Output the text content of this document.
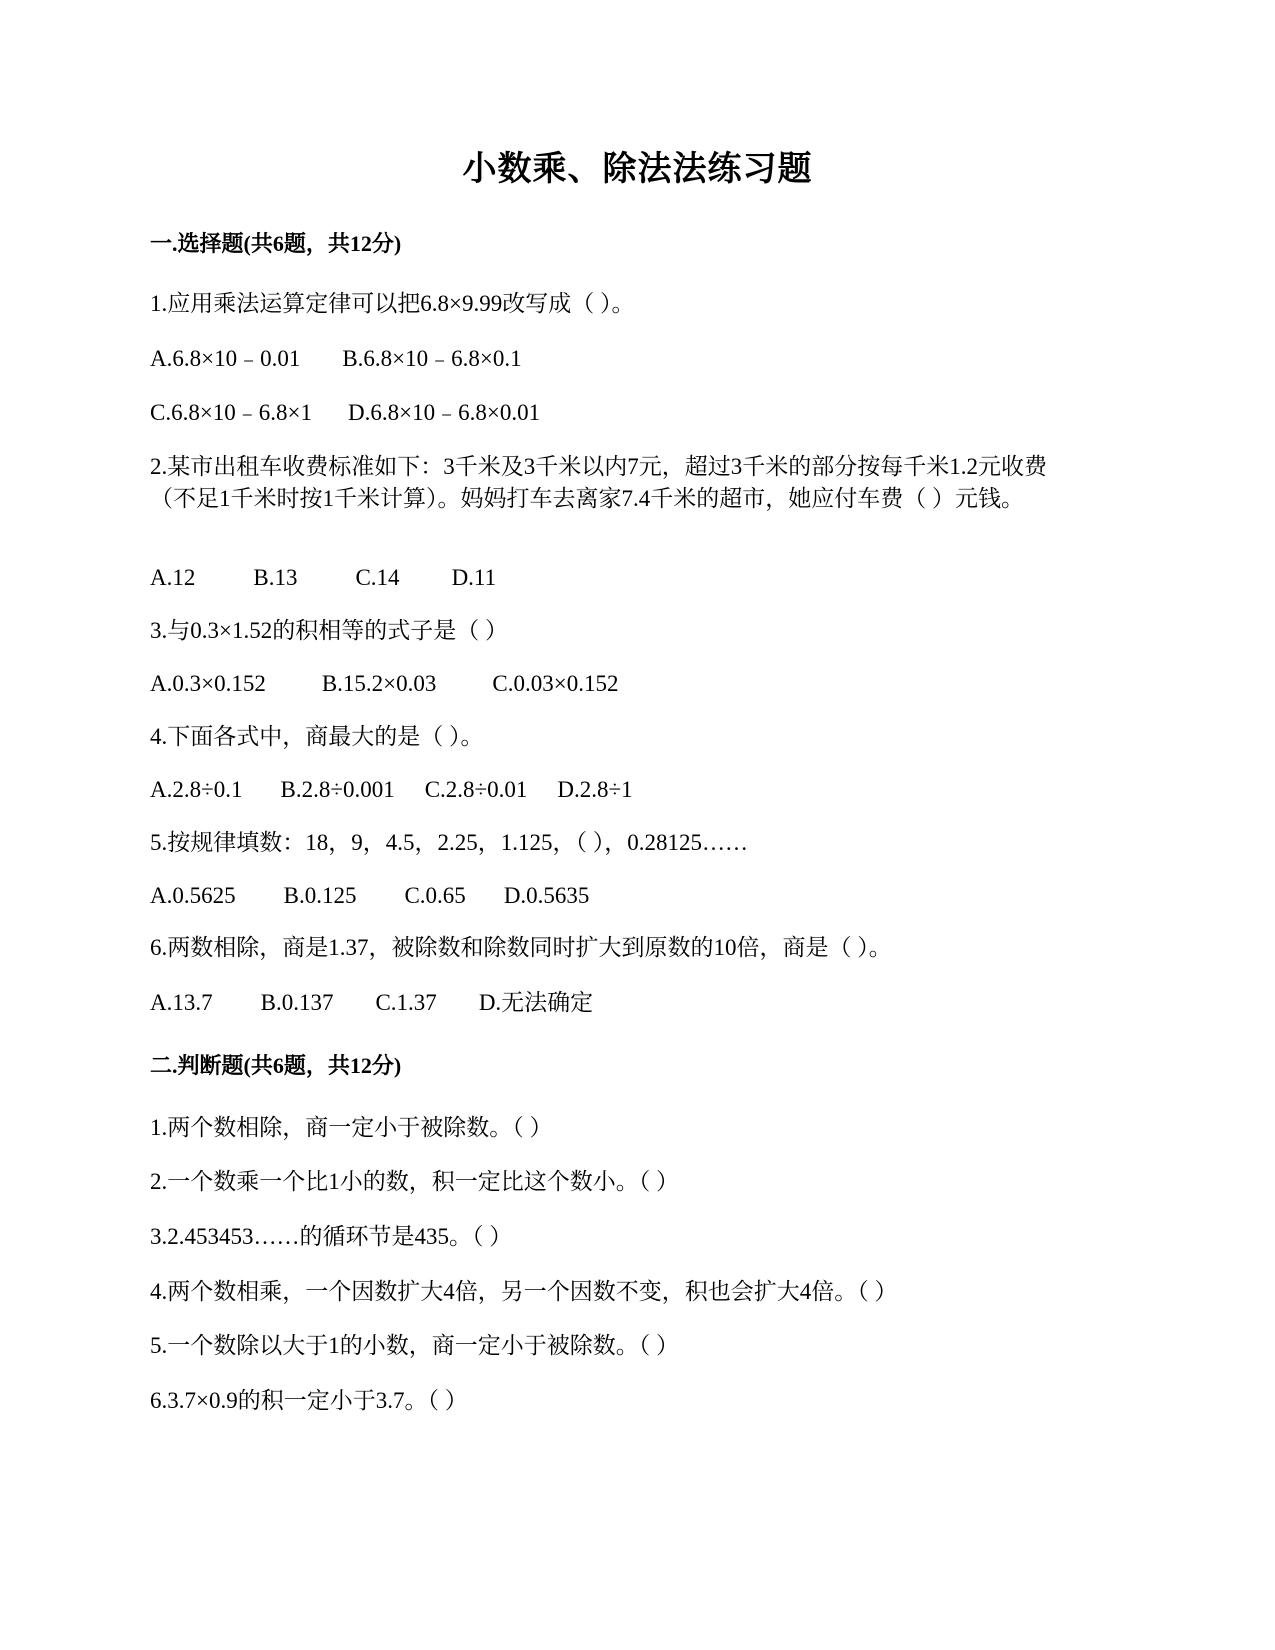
小数乘、除法法练习题
一.选择题(共6题，共12分)
1.应用乘法运算定律可以把6.8×9.99改写成（ ）。
A.6.8×10﹣0.01 B.6.8×10﹣6.8×0.1
C.6.8×10﹣6.8×1 D.6.8×10﹣6.8×0.01
2.某市出租车收费标准如下：3千米及3千米以内7元，超过3千米的部分按每千米1.2元收费
（不足1千米时按1千米计算）。妈妈打车去离家7.4千米的超市，她应付车费（ ）元钱。
A.12	B.13	C.14 D.11
3.与0.3×1.52的积相等的式子是（ ）
A.0.3×0.152 B.15.2×0.03 C.0.03×0.152
4.下面各式中，商最大的是（ ）。
A.2.8÷0.1 B.2.8÷0.001 C.2.8÷0.01 D.2.8÷1
5.按规律填数：18，9，4.5，2.25，1.125，（ ），0.28125……
A.0.5625 B.0.125 C.0.65 D.0.5635
6.两数相除，商是1.37，被除数和除数同时扩大到原数的10倍，商是（ ）。
A.13.7 B.0.137 C.1.37 D.无法确定
二.判断题(共6题，共12分)
1.两个数相除，商一定小于被除数。（ ）
2.一个数乘一个比1小的数，积一定比这个数小。（ ）
3.2.453453……的循环节是435。（ ）
4.两个数相乘，一个因数扩大4倍，另一个因数不变，积也会扩大4倍。（ ）
5.一个数除以大于1的小数，商一定小于被除数。（ ）
6.3.7×0.9的积一定小于3.7。（ ）
